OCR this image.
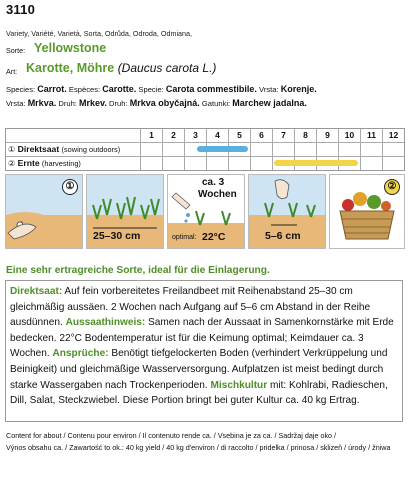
3110
Variety, Variété, Varietà, Sorta, Odrůda, Odroda, Odmiana,
Sorte: Yellowstone
Art: Karotte, Möhre (Daucus carota L.)
Species: Carrot. Espèces: Carotte. Specie: Carota commestibile. Vrsta: Korenje.
Vrsta: Mrkva. Druh: Mrkev. Druh: Mrkva obyčajná. Gatunki: Marchew jadalna.
1	2	3	4	5	6	7	8	9	10	11	12
① Direktsaat (sowing outdoors)
② Ernte (harvesting)
①
25–30 cm
ca. 3
Wochen
optimal: 22°C	5–6 cm
②
Eine sehr ertragreiche Sorte, ideal für die Einlagerung.
Direktsaat: Auf fein vorbereitetes Freilandbeet mit Reihenabstand 25–30 cm gleichmäßig aussäen. 2 Wochen nach Aufgang auf 5–6 cm Abstand in der Reihe ausdünnen. Aussaathinweis: Samen nach der Aussaat in Samenkornstärke mit Erde bedecken. 22°C Bodentemperatur ist für die Keimung optimal; Keimdauer ca. 3 Wochen. Ansprüche: Benötigt tiefgelockerten Boden (verhindert Verkrüppelung und Beinigkeit) und gleichmäßige Wasserversorgung. Aufplatzen ist meist bedingt durch starke Wassergaben nach Trockenperioden. Mischkultur mit: Kohlrabi, Radieschen, Dill, Salat, Steckzwiebel. Diese Portion bringt bei guter Kultur ca. 40 kg Ertrag.
Content for about / Contenu pour environ / Il contenuto rende ca. / Vsebina je za ca. / Sadržaj daje oko /
Výnos obsahu ca. / Zawartość to ok.: 40 kg yield / 40 kg d'environ / di raccolto / pridelka / prinosa / sklizeň / úrody / žniwa
